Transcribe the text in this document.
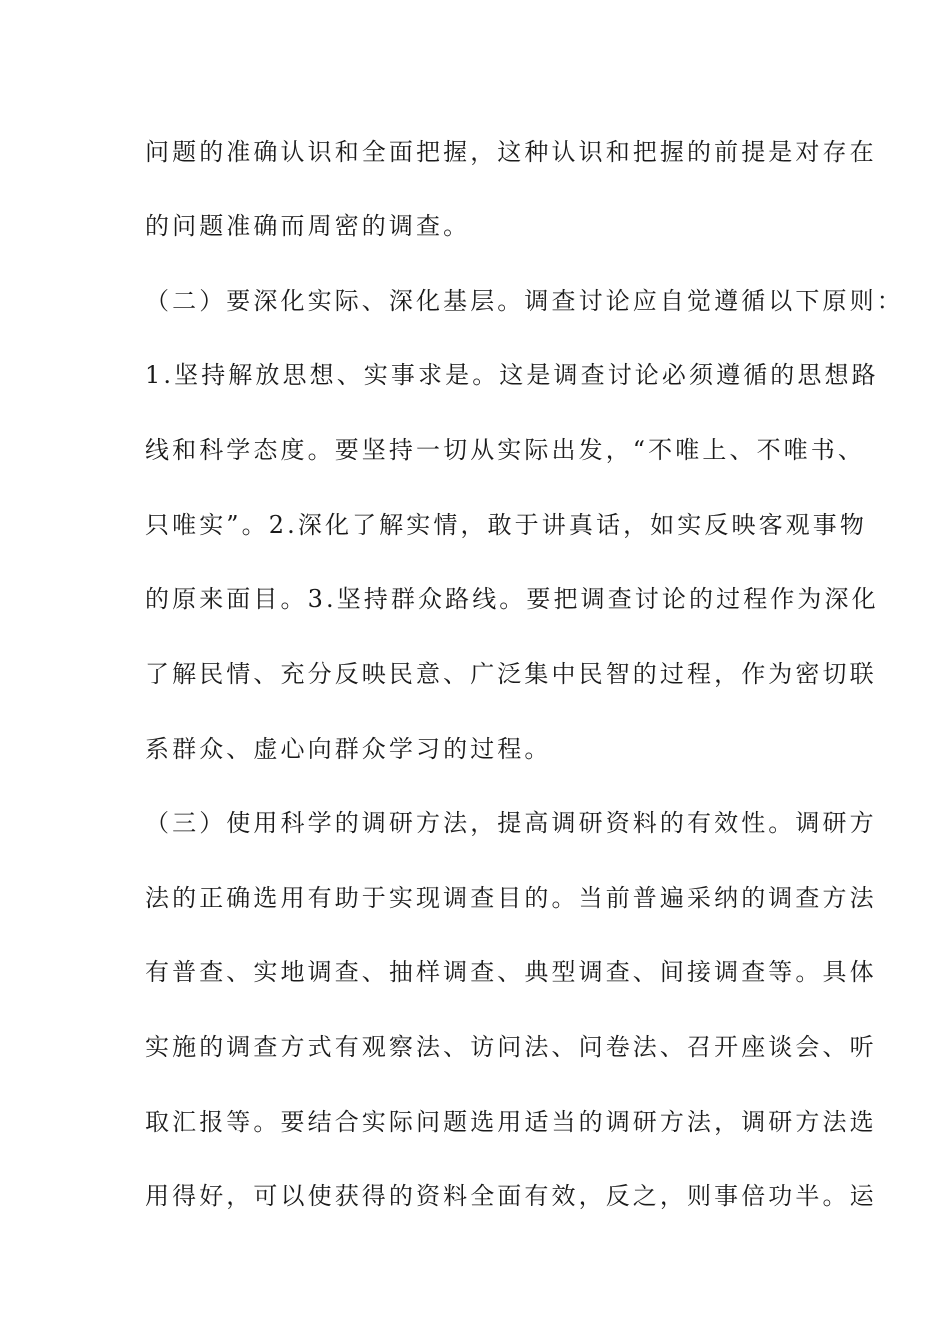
问题的准确认识和全面把握，这种认识和把握的前提是对存在
的问题准确而周密的调查。
（二）要深化实际、深化基层。调查讨论应自觉遵循以下原则：
1.坚持解放思想、实事求是。这是调查讨论必须遵循的思想路
线和科学态度。要坚持一切从实际出发，“不唯上、不唯书、
只唯实”。2.深化了解实情，敢于讲真话，如实反映客观事物
的原来面目。3.坚持群众路线。要把调查讨论的过程作为深化
了解民情、充分反映民意、广泛集中民智的过程，作为密切联
系群众、虚心向群众学习的过程。
（三）使用科学的调研方法，提高调研资料的有效性。调研方
法的正确选用有助于实现调查目的。当前普遍采纳的调查方法
有普查、实地调查、抽样调查、典型调查、间接调查等。具体
实施的调查方式有观察法、访问法、问卷法、召开座谈会、听
取汇报等。要结合实际问题选用适当的调研方法，调研方法选
用得好，可以使获得的资料全面有效，反之，则事倍功半。运
